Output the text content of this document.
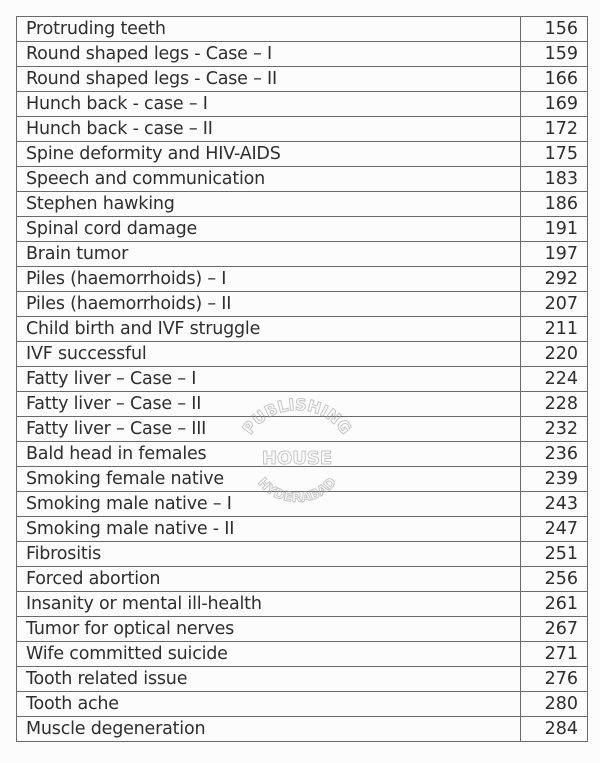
Protruding teeth	156
Round shaped legs - Case – I	159
Round shaped legs - Case – II	166
Hunch back - case – I	169
Hunch back - case – II	172
Spine deformity and HIV-AIDS	175
Speech and communication	183
Stephen hawking	186
Spinal cord damage	191
Brain tumor	197
Piles (haemorrhoids) – I	292
Piles (haemorrhoids) – II	207
Child birth and IVF struggle	211
IVF successful	220
Fatty liver – Case – I	224
Fatty liver – Case – II	228
Fatty liver – Case – III	232
Bald head in females	236
Smoking female native	239
Smoking male native – I	243
Smoking male native - II	247
Fibrositis	251
Forced abortion	256
Insanity or mental ill-health	261
Tumor for optical nerves	267
Wife committed suicide	271
Tooth related issue	276
Tooth ache	280
Muscle degeneration	284
PUBLISHING
HOUSE
HYDERABAD
